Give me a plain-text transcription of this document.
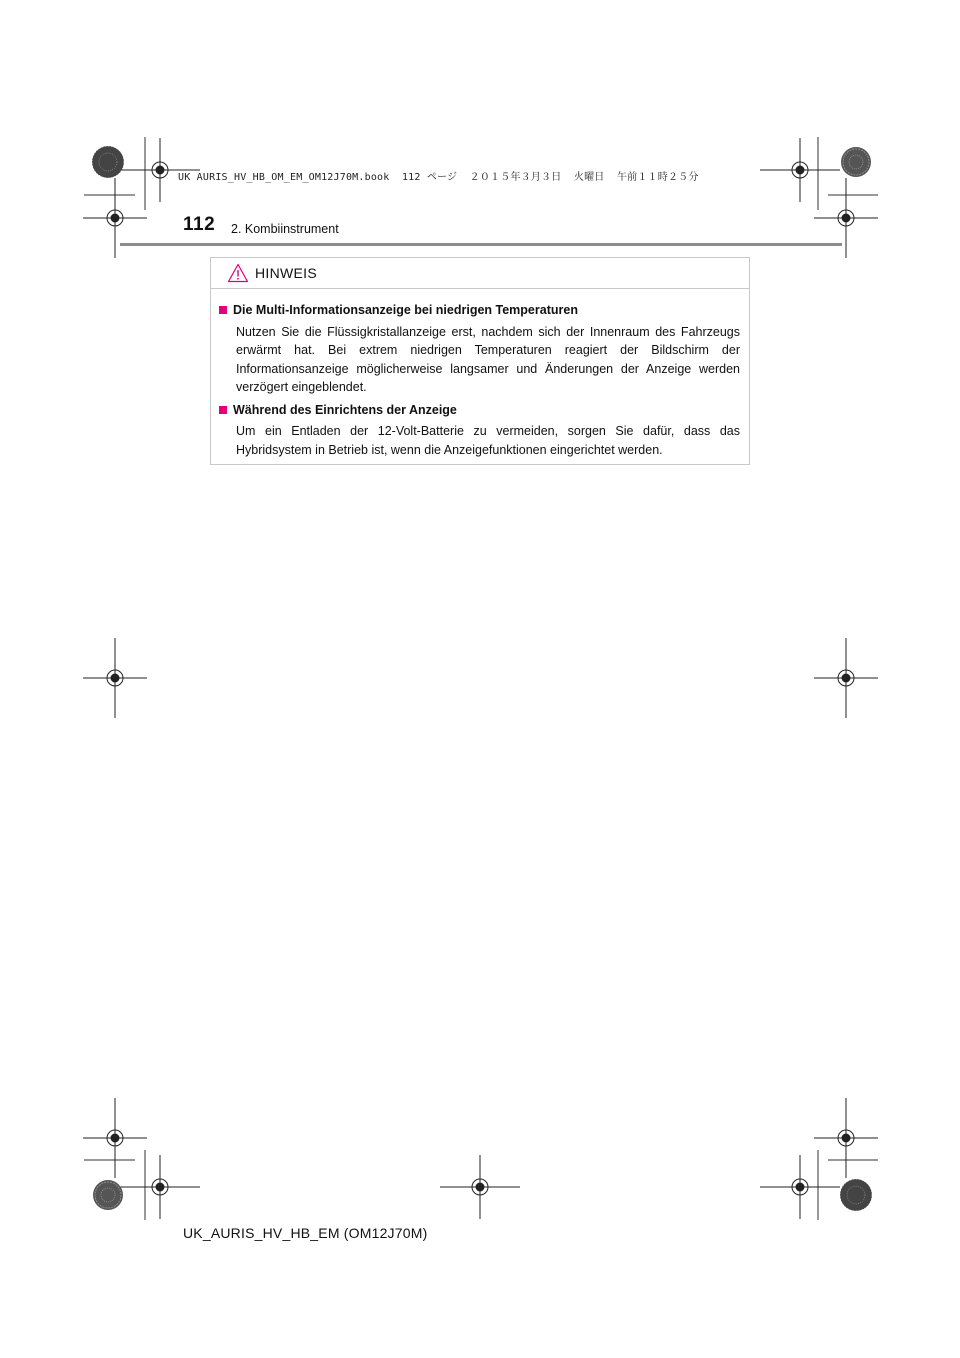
UK AURIS_HV_HB_OM_EM_OM12J70M.book  112 ページ  ２０１５年３月３日  火曜日  午前１１時２５分
112 2. Kombiinstrument
HINWEIS
Die Multi-Informationsanzeige bei niedrigen Temperaturen
Nutzen Sie die Flüssigkristallanzeige erst, nachdem sich der Innenraum des Fahrzeugs erwärmt hat. Bei extrem niedrigen Temperaturen reagiert der Bildschirm der Informationsanzeige möglicherweise langsamer und Änderungen der Anzeige werden verzögert eingeblendet.
Während des Einrichtens der Anzeige
Um ein Entladen der 12-Volt-Batterie zu vermeiden, sorgen Sie dafür, dass das Hybridsystem in Betrieb ist, wenn die Anzeigefunktionen eingerichtet werden.
UK_AURIS_HV_HB_EM (OM12J70M)
